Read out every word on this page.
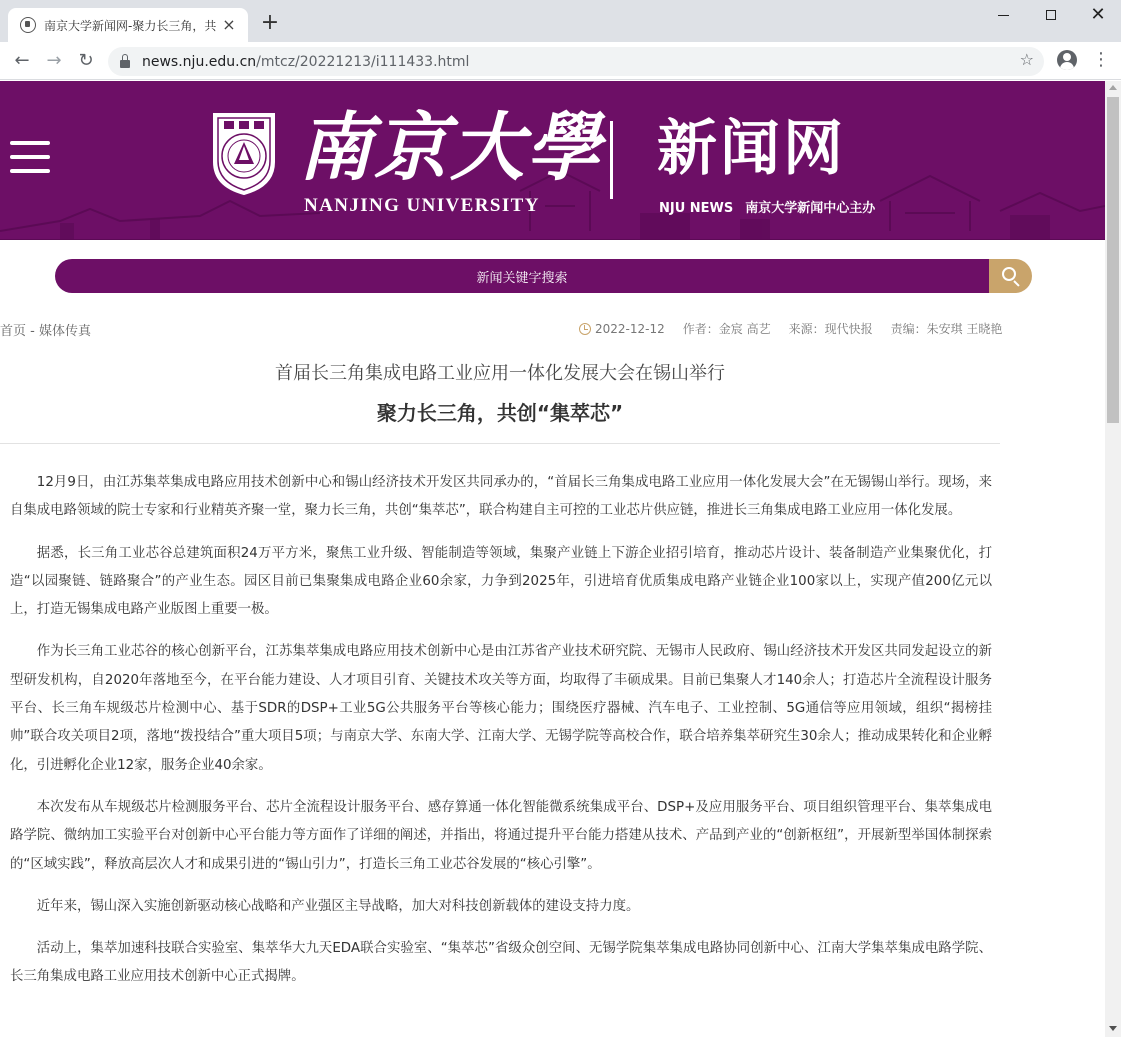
南京大学新闻网-聚力长三角，共 × +	✕
← → ↻	news.nju.edu.cn/mtcz/20221213/i111433.html	☆	⋮
南京大學
NANJING UNIVERSITY
新闻网
NJU NEWS 南京大学新闻中心主办
新闻关键字搜索
首页 - 媒体传真	2022-12-12 作者：金宸 高艺 来源：现代快报 责编：朱安琪 王晓艳
首届长三角集成电路工业应用一体化发展大会在锡山举行
聚力长三角，共创“集萃芯”

12月9日，由江苏集萃集成电路应用技术创新中心和锡山经济技术开发区共同承办的，“首届长三角集成电路工业应用一体化发展大会”在无锡锡山举行。现场，来自集成电路领域的院士专家和行业精英齐聚一堂，聚力长三角，共创“集萃芯”，联合构建自主可控的工业芯片供应链，推进长三角集成电路工业应用一体化发展。

据悉，长三角工业芯谷总建筑面积24万平方米，聚焦工业升级、智能制造等领域，集聚产业链上下游企业招引培育，推动芯片设计、装备制造产业集聚优化，打造“以园聚链、链路聚合”的产业生态。园区目前已集聚集成电路企业60余家，力争到2025年，引进培育优质集成电路产业链企业100家以上，实现产值200亿元以上，打造无锡集成电路产业版图上重要一极。

作为长三角工业芯谷的核心创新平台，江苏集萃集成电路应用技术创新中心是由江苏省产业技术研究院、无锡市人民政府、锡山经济技术开发区共同发起设立的新型研发机构，自2020年落地至今，在平台能力建设、人才项目引育、关键技术攻关等方面，均取得了丰硕成果。目前已集聚人才140余人；打造芯片全流程设计服务平台、长三角车规级芯片检测中心、基于SDR的DSP+工业5G公共服务平台等核心能力；围绕医疗器械、汽车电子、工业控制、5G通信等应用领域，组织“揭榜挂帅”联合攻关项目2项，落地“拨投结合”重大项目5项；与南京大学、东南大学、江南大学、无锡学院等高校合作，联合培养集萃研究生30余人；推动成果转化和企业孵化，引进孵化企业12家，服务企业40余家。

本次发布从车规级芯片检测服务平台、芯片全流程设计服务平台、感存算通一体化智能微系统集成平台、DSP+及应用服务平台、项目组织管理平台、集萃集成电路学院、微纳加工实验平台对创新中心平台能力等方面作了详细的阐述，并指出，将通过提升平台能力搭建从技术、产品到产业的“创新枢纽”，开展新型举国体制探索的“区域实践”，释放高层次人才和成果引进的“锡山引力”，打造长三角工业芯谷发展的“核心引擎”。

近年来，锡山深入实施创新驱动核心战略和产业强区主导战略，加大对科技创新载体的建设支持力度。

活动上，集萃加速科技联合实验室、集萃华大九天EDA联合实验室、“集萃芯”省级众创空间、无锡学院集萃集成电路协同创新中心、江南大学集萃集成电路学院、长三角集成电路工业应用技术创新中心正式揭牌。
